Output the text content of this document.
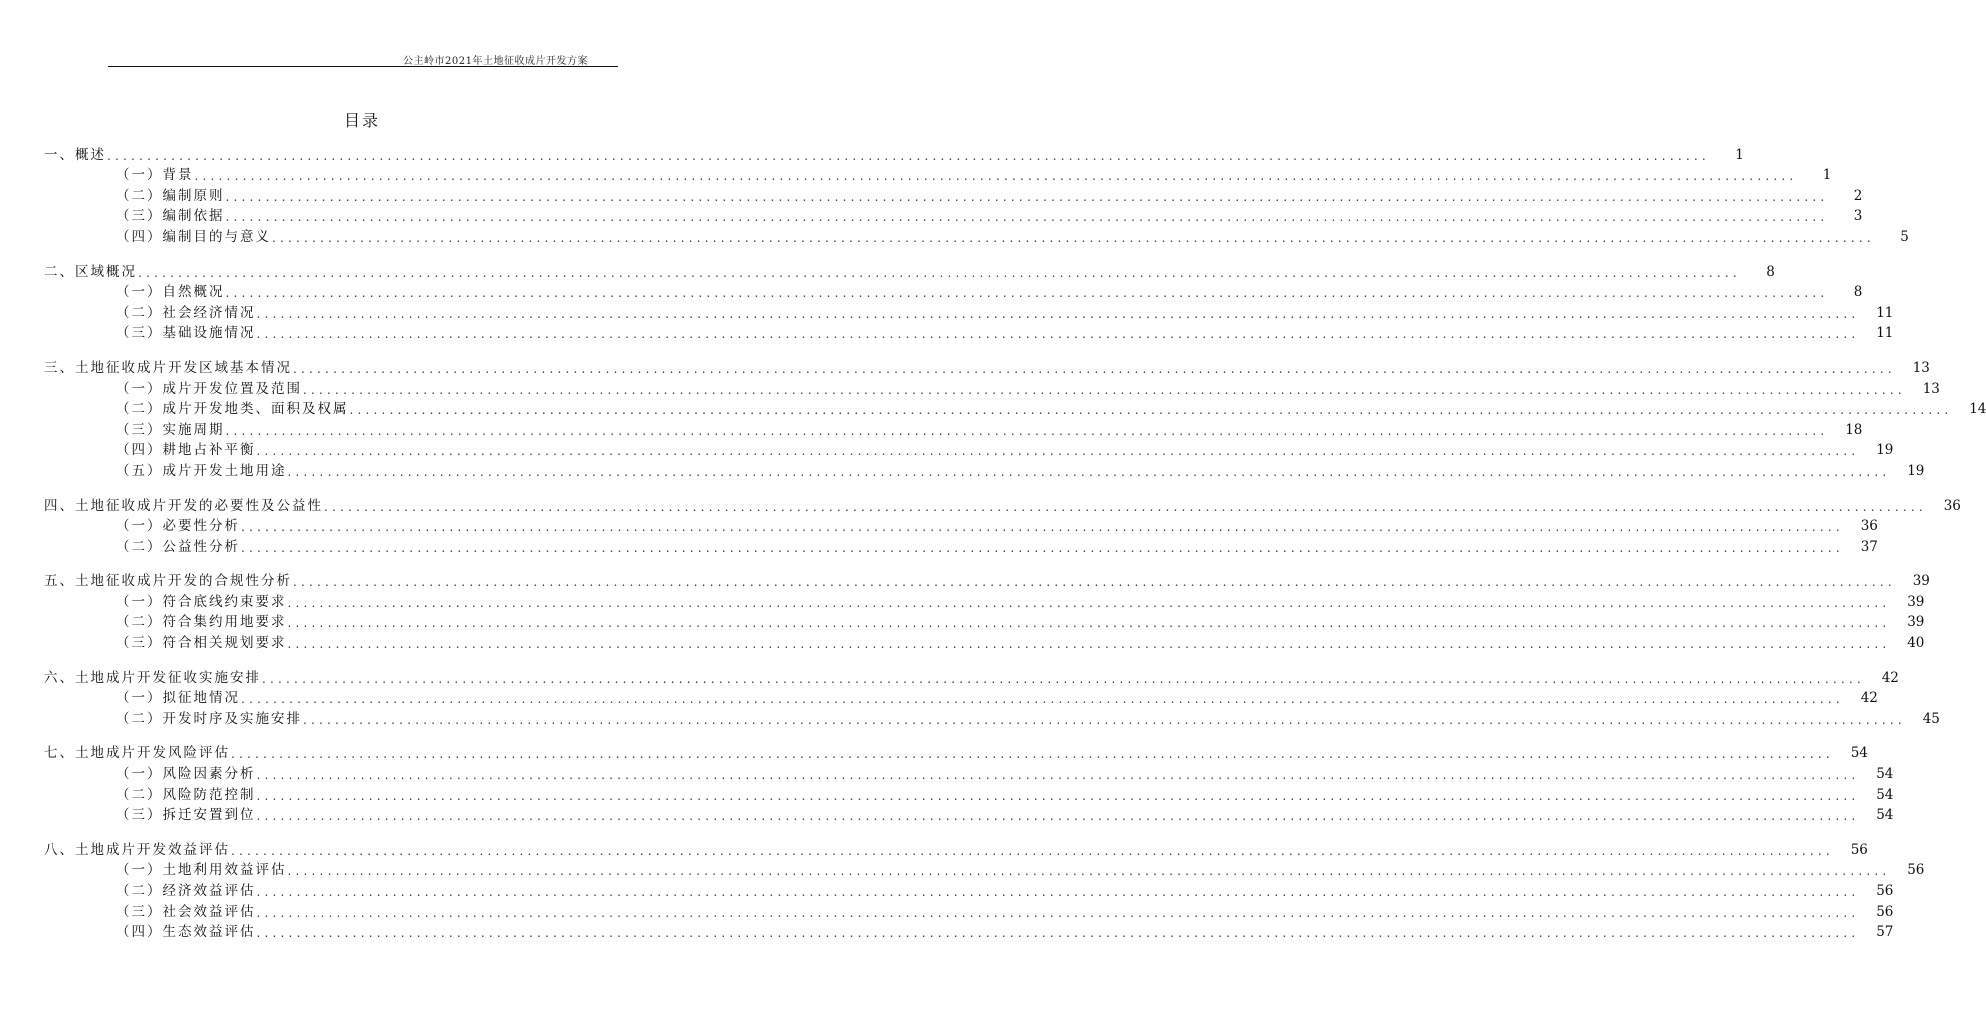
公主岭市2021年土地征收成片开发方案
目录
一、概述 ........................................................................................................................................................................................................	1
（一）背景 ........................................................................................................................................................................................................	1
（二）编制原则 ........................................................................................................................................................................................................	2
（三）编制依据 ........................................................................................................................................................................................................	3
（四）编制目的与意义 ........................................................................................................................................................................................................	5
二、区域概况 ........................................................................................................................................................................................................	8
（一）自然概况 ........................................................................................................................................................................................................	8
（二）社会经济情况 ........................................................................................................................................................................................................	11
（三）基础设施情况 ........................................................................................................................................................................................................	11
三、土地征收成片开发区域基本情况 ........................................................................................................................................................................................................	13
（一）成片开发位置及范围 ........................................................................................................................................................................................................	13
（二）成片开发地类、面积及权属 ........................................................................................................................................................................................................	14
（三）实施周期 ........................................................................................................................................................................................................	18
（四）耕地占补平衡 ........................................................................................................................................................................................................	19
（五）成片开发土地用途 ........................................................................................................................................................................................................	19
四、土地征收成片开发的必要性及公益性 ........................................................................................................................................................................................................	36
（一）必要性分析 ........................................................................................................................................................................................................	36
（二）公益性分析 ........................................................................................................................................................................................................	37
五、土地征收成片开发的合规性分析 ........................................................................................................................................................................................................	39
（一）符合底线约束要求 ........................................................................................................................................................................................................	39
（二）符合集约用地要求 ........................................................................................................................................................................................................	39
（三）符合相关规划要求 ........................................................................................................................................................................................................	40
六、土地成片开发征收实施安排 ........................................................................................................................................................................................................	42
（一）拟征地情况 ........................................................................................................................................................................................................	42
（二）开发时序及实施安排 ........................................................................................................................................................................................................	45
七、土地成片开发风险评估 ........................................................................................................................................................................................................	54
（一）风险因素分析 ........................................................................................................................................................................................................	54
（二）风险防范控制 ........................................................................................................................................................................................................	54
（三）拆迁安置到位 ........................................................................................................................................................................................................	54
八、土地成片开发效益评估 ........................................................................................................................................................................................................	56
（一）土地利用效益评估 ........................................................................................................................................................................................................	56
（二）经济效益评估 ........................................................................................................................................................................................................	56
（三）社会效益评估 ........................................................................................................................................................................................................	56
（四）生态效益评估 ........................................................................................................................................................................................................	57
